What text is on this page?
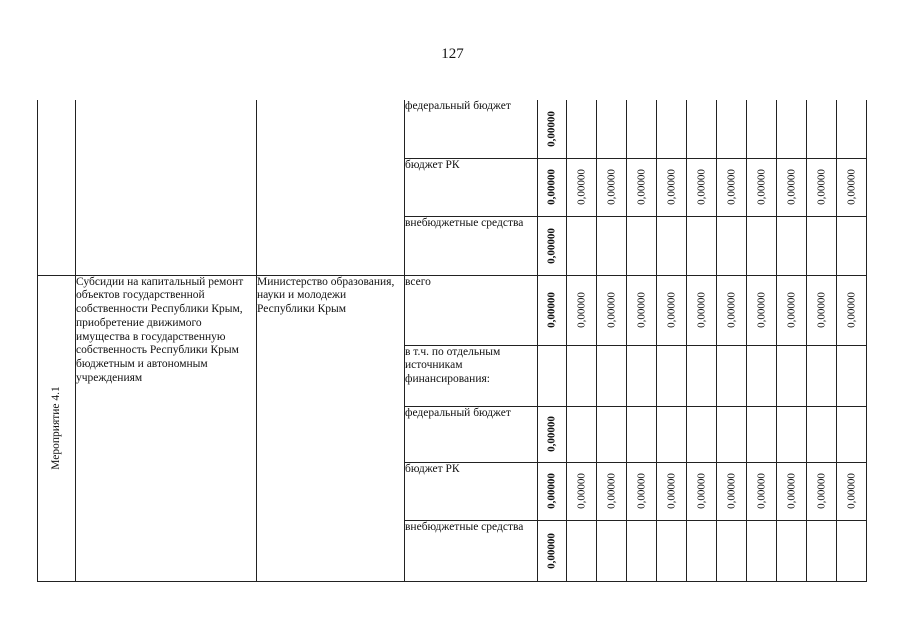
127
			федеральный бюджет	0,00000										

			бюджет РК	0,00000	0,00000	0,00000	0,00000	0,00000	0,00000	0,00000	0,00000	0,00000	0,00000	0,00000

			внебюджетные средства	0,00000										

Мероприятие 4.1	Субсидии на капитальный ремонт объектов государственной собственности Республики Крым, приобретение движимого имущества в государственную собственность Республики Крым бюджетным и автономным учреждениям	Министерство образования, науки и молодежи Республики Крым	всего	0,00000	0,00000	0,00000	0,00000	0,00000	0,00000	0,00000	0,00000	0,00000	0,00000	0,00000

			в т.ч. по отдельным источникам финансирования:											
			федеральный бюджет	0,00000										

			бюджет РК	0,00000	0,00000	0,00000	0,00000	0,00000	0,00000	0,00000	0,00000	0,00000	0,00000	0,00000

			внебюджетные средства	0,00000										
